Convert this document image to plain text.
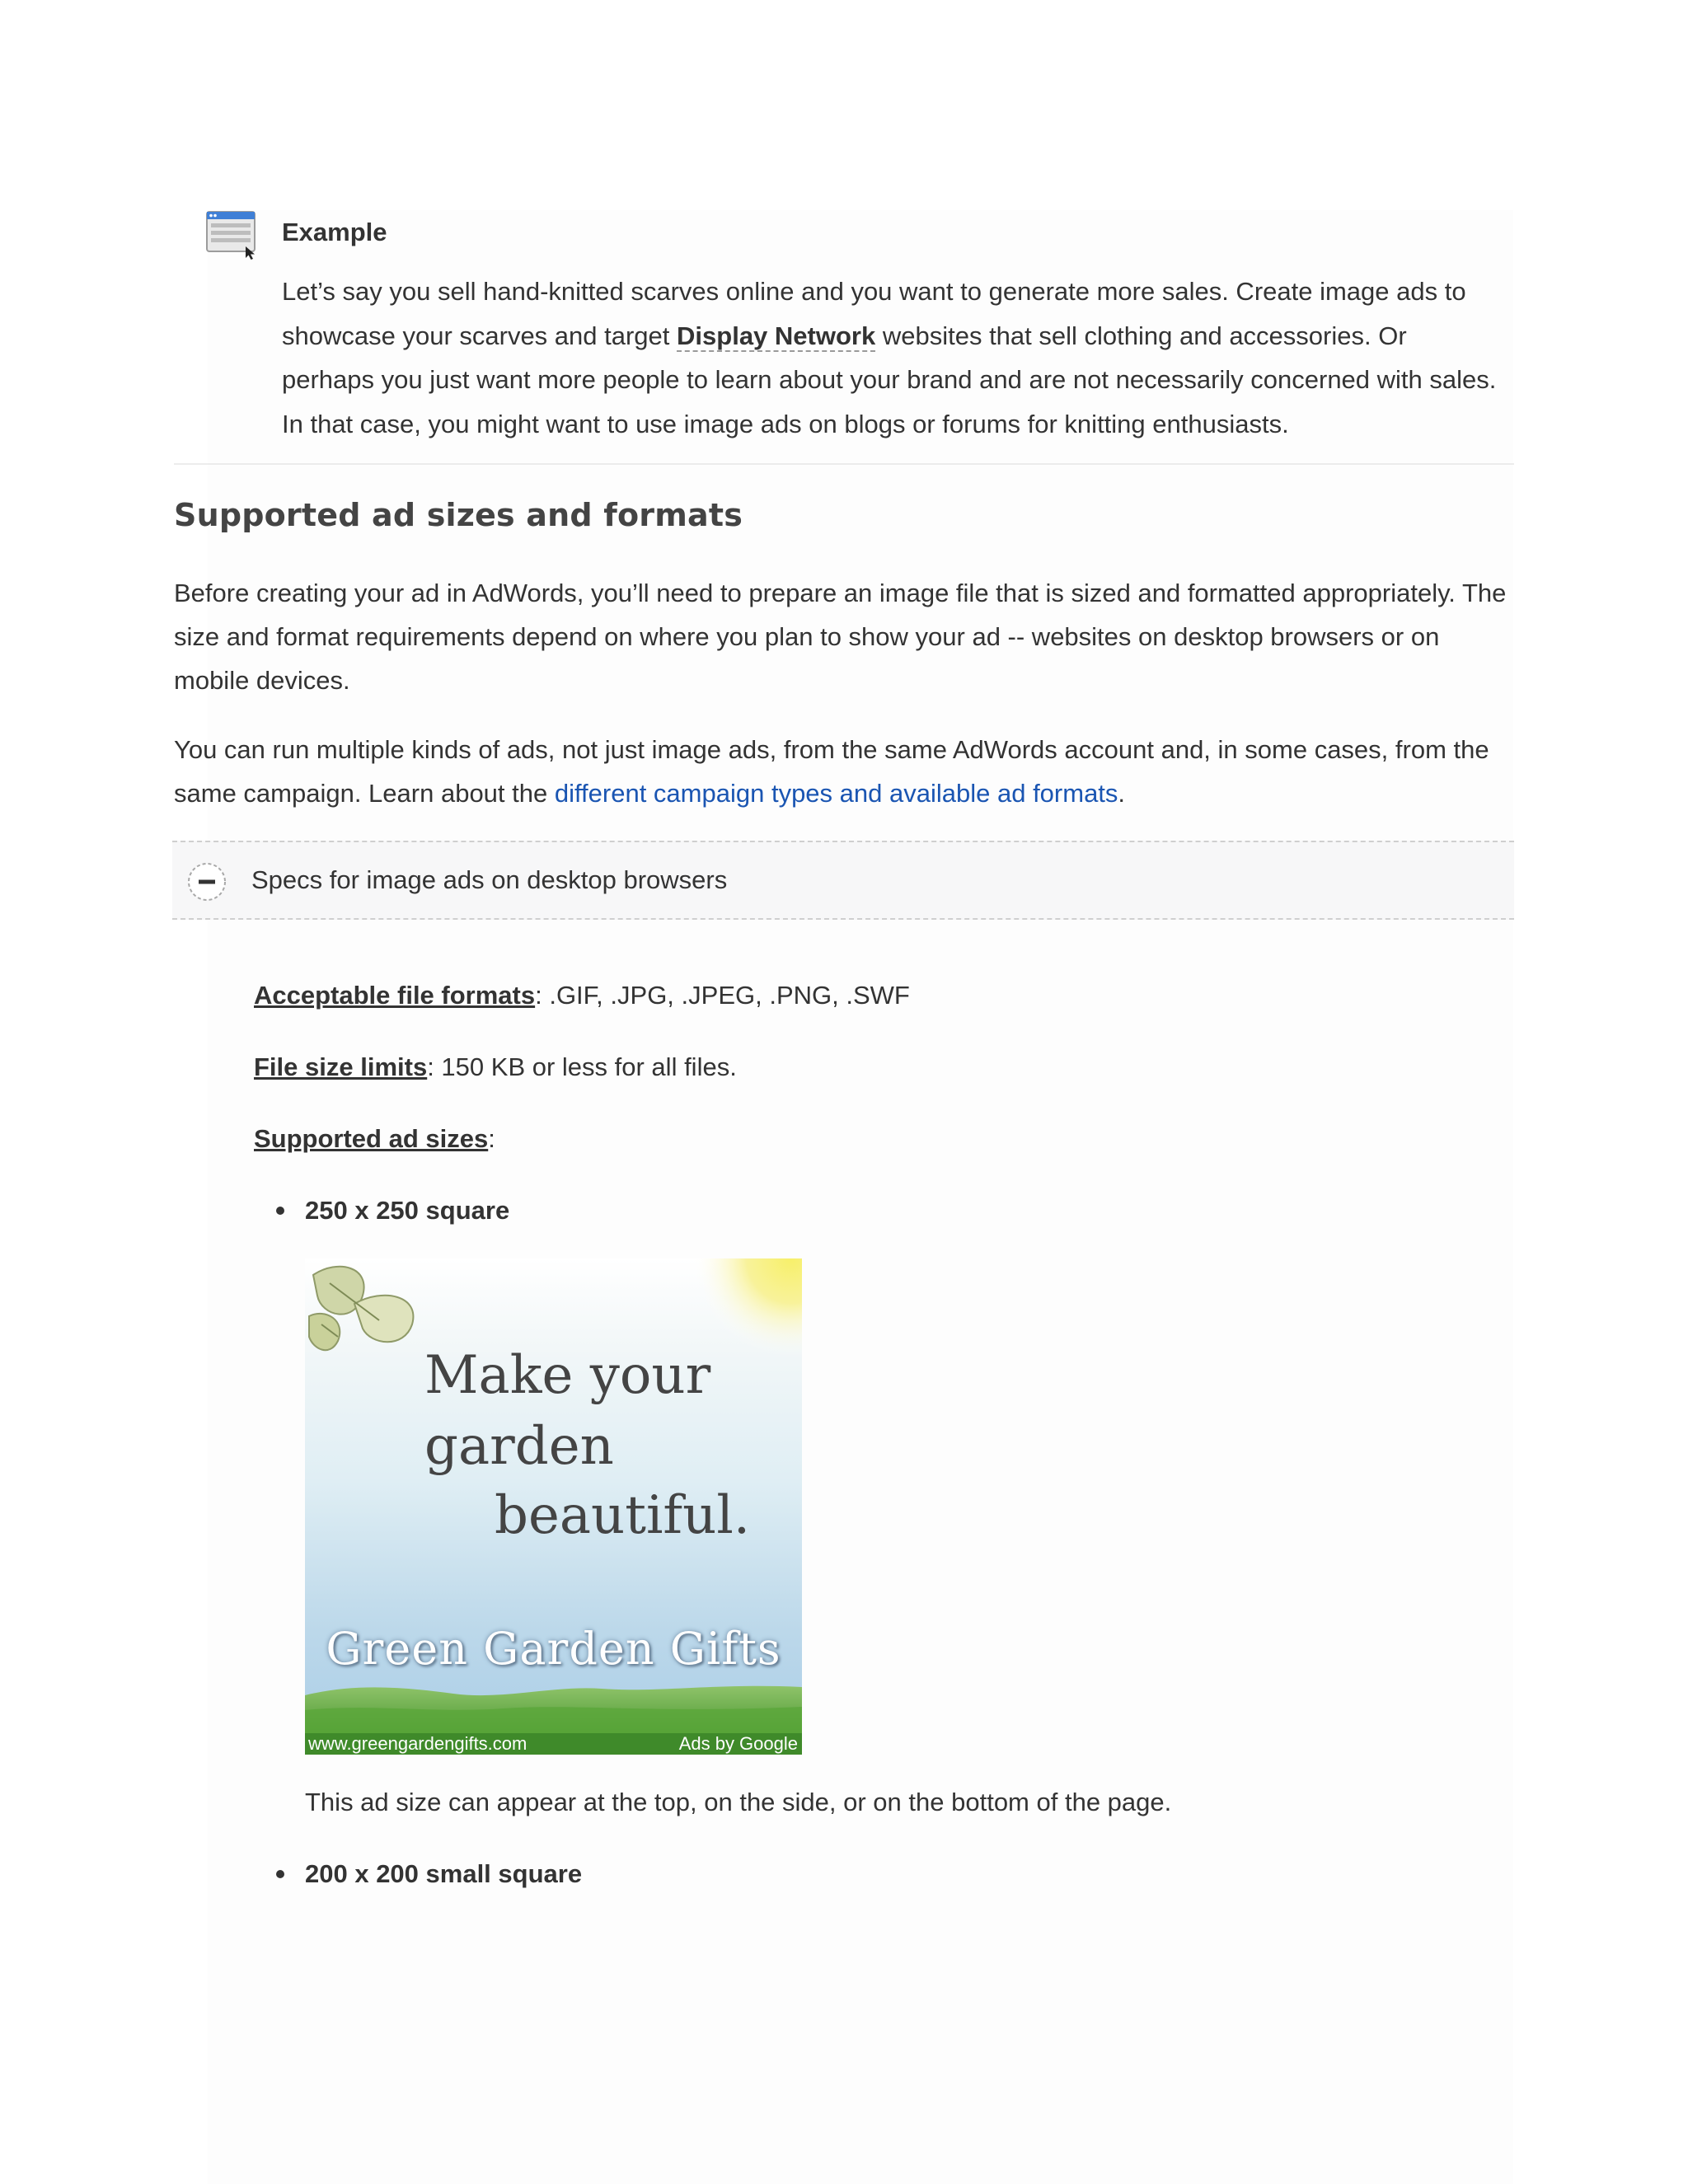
Example
Let’s say you sell hand-knitted scarves online and you want to generate more sales. Create image ads to showcase your scarves and target Display Network websites that sell clothing and accessories. Or perhaps you just want more people to learn about your brand and are not necessarily concerned with sales. In that case, you might want to use image ads on blogs or forums for knitting enthusiasts.
Supported ad sizes and formats
Before creating your ad in AdWords, you’ll need to prepare an image file that is sized and formatted appropriately. The size and format requirements depend on where you plan to show your ad -- websites on desktop browsers or on mobile devices.
You can run multiple kinds of ads, not just image ads, from the same AdWords account and, in some cases, from the same campaign. Learn about the different campaign types and available ad formats.
Specs for image ads on desktop browsers
Acceptable file formats: .GIF, .JPG, .JPEG, .PNG, .SWF
File size limits: 150 KB or less for all files.
Supported ad sizes:
250 x 250 square
Make your
garden
beautiful.
Green Garden Gifts
www.greengardengifts.com	Ads by Google
This ad size can appear at the top, on the side, or on the bottom of the page.
200 x 200 small square
